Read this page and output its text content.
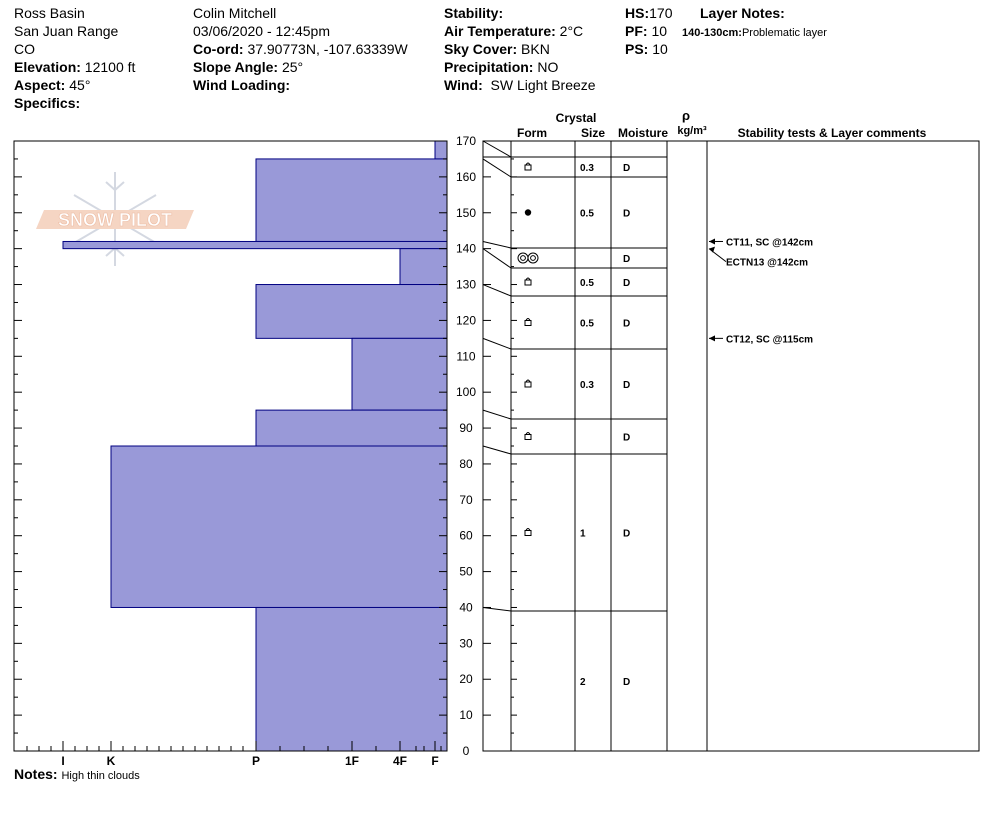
Ross Basin
San Juan Range
CO
Elevation: 12100 ft
Aspect: 45°
Specifics:
Colin Mitchell
03/06/2020 - 12:45pm
Co-ord: 37.90773N, -107.63339W
Slope Angle: 25°
Wind Loading:
Stability:
Air Temperature: 2°C
Sky Cover: BKN
Precipitation: NO
Wind: SW Light Breeze
HS:170
PF: 10
PS: 10
Layer Notes:
140-130cm:Problematic layer
SNOW PILOT
I	K	P	1F	4F F
0
10
20
30
40
50
60
70
80
90
100
110
120
130
140
150
160
170
Crystal
Form	Size Moisture
ρ
kg/m³	Stability tests & Layer comments
0.3	D
0.5	D
D
0.5	D
0.5	D
0.3	D
D
1	D
2	D
CT11, SC @142cm
ECTN13 @142cm
CT12, SC @115cm
Notes: High thin clouds
